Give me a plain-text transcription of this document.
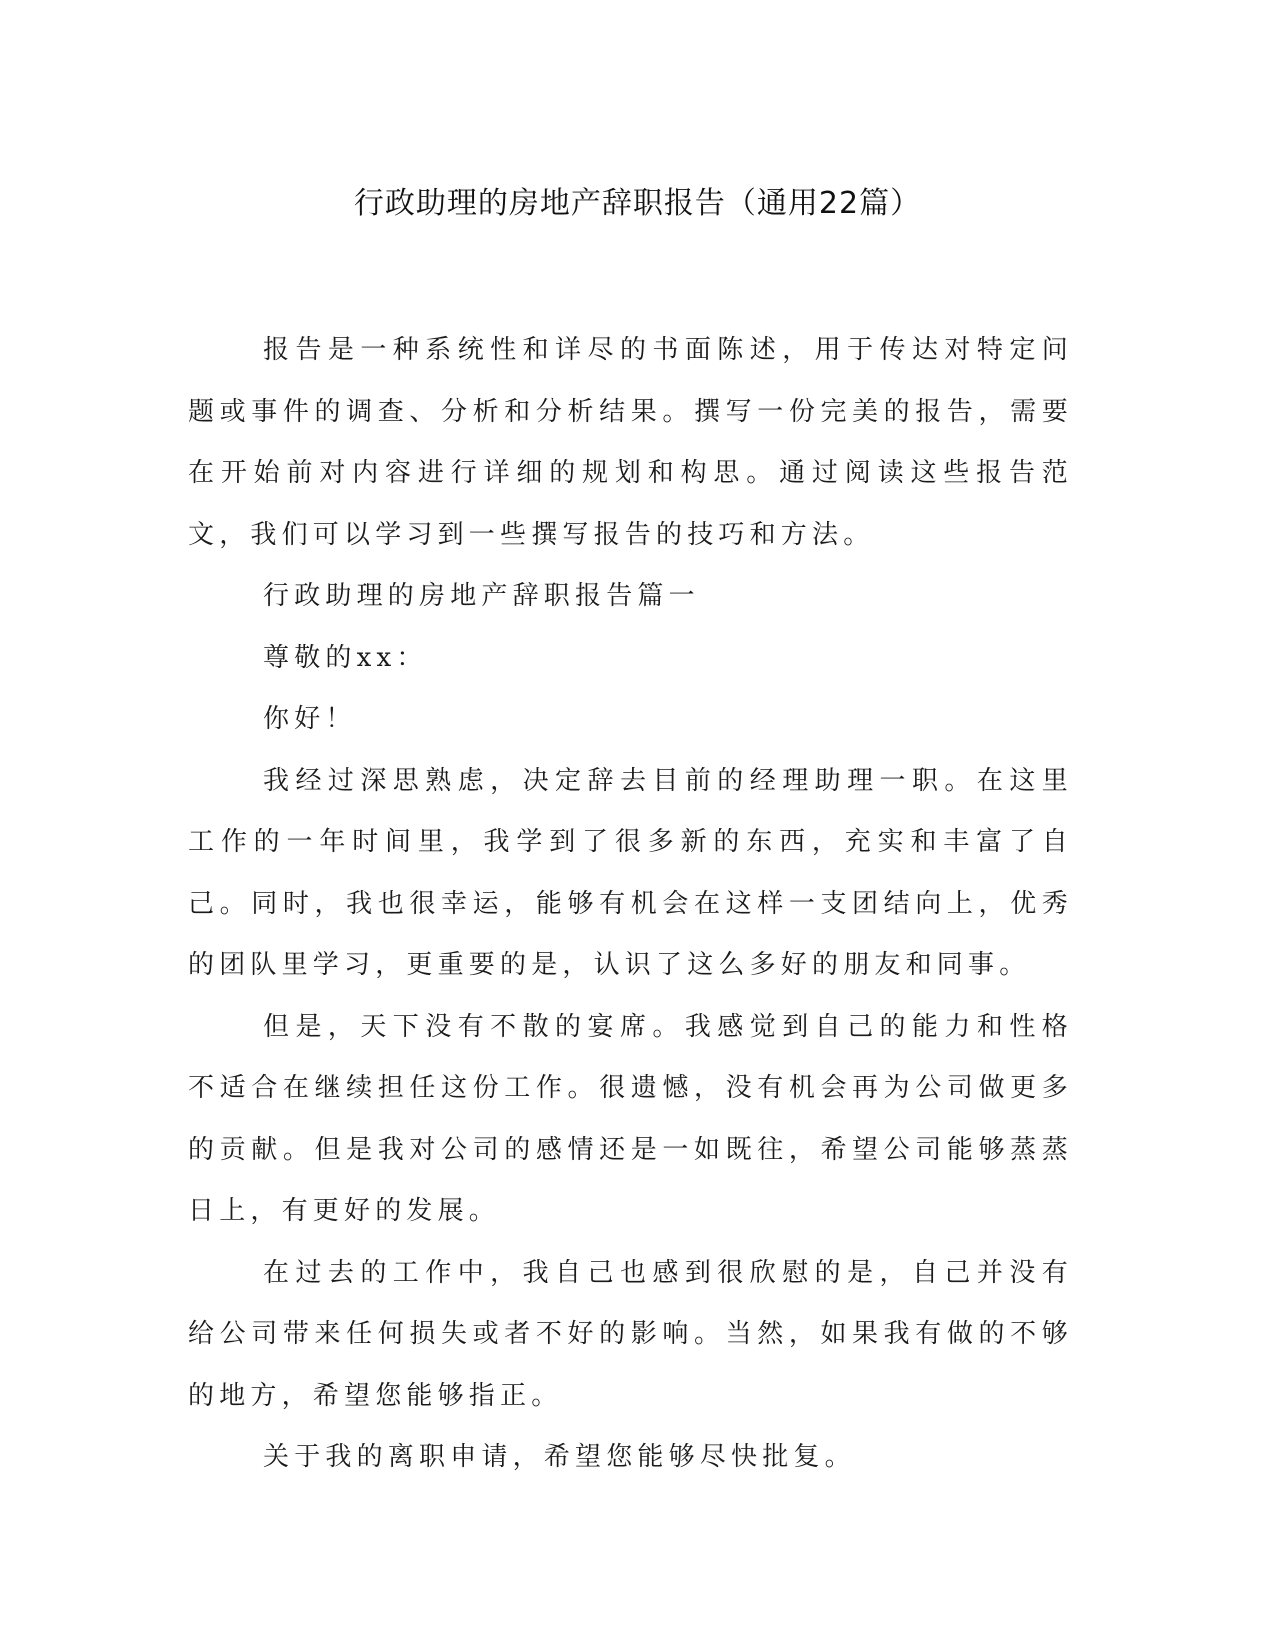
行政助理的房地产辞职报告（通用22篇）

报告是一种系统性和详尽的书面陈述，用于传达对特定问题或事件的调查、分析和分析结果。撰写一份完美的报告，需要在开始前对内容进行详细的规划和构思。通过阅读这些报告范文，我们可以学习到一些撰写报告的技巧和方法。

行政助理的房地产辞职报告篇一

尊敬的xx：

你好！

我经过深思熟虑，决定辞去目前的经理助理一职。在这里工作的一年时间里，我学到了很多新的东西，充实和丰富了自己。同时，我也很幸运，能够有机会在这样一支团结向上，优秀的团队里学习，更重要的是，认识了这么多好的朋友和同事。

但是，天下没有不散的宴席。我感觉到自己的能力和性格不适合在继续担任这份工作。很遗憾，没有机会再为公司做更多的贡献。但是我对公司的感情还是一如既往，希望公司能够蒸蒸日上，有更好的发展。

在过去的工作中，我自己也感到很欣慰的是，自己并没有给公司带来任何损失或者不好的影响。当然，如果我有做的不够的地方，希望您能够指正。

关于我的离职申请，希望您能够尽快批复。
